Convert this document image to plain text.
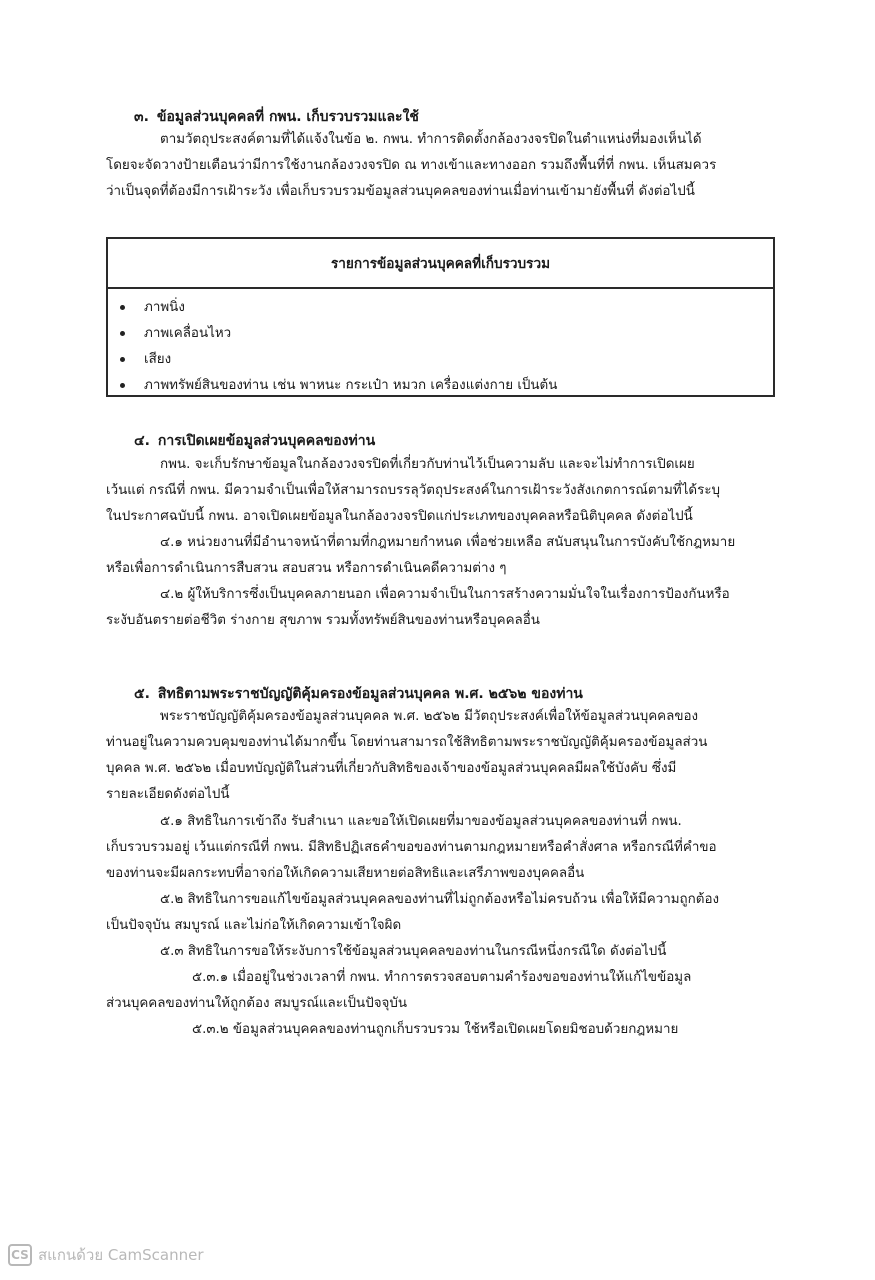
๓. ข้อมูลส่วนบุคคลที่ กพน. เก็บรวบรวมและใช้
ตามวัตถุประสงค์ตามที่ได้แจ้งในข้อ ๒. กพน. ทำการติดตั้งกล้องวงจรปิดในตำแหน่งที่มองเห็นได้
โดยจะจัดวางป้ายเตือนว่ามีการใช้งานกล้องวงจรปิด ณ ทางเข้าและทางออก รวมถึงพื้นที่ที่ กพน. เห็นสมควร
ว่าเป็นจุดที่ต้องมีการเฝ้าระวัง เพื่อเก็บรวบรวมข้อมูลส่วนบุคคลของท่านเมื่อท่านเข้ามายังพื้นที่ ดังต่อไปนี้
รายการข้อมูลส่วนบุคคลที่เก็บรวบรวม
ภาพนิ่ง
ภาพเคลื่อนไหว
เสียง
ภาพทรัพย์สินของท่าน เช่น พาหนะ กระเป๋า หมวก เครื่องแต่งกาย เป็นต้น
๔. การเปิดเผยข้อมูลส่วนบุคคลของท่าน
กพน. จะเก็บรักษาข้อมูลในกล้องวงจรปิดที่เกี่ยวกับท่านไว้เป็นความลับ และจะไม่ทำการเปิดเผย
เว้นแต่ กรณีที่ กพน. มีความจำเป็นเพื่อให้สามารถบรรลุวัตถุประสงค์ในการเฝ้าระวังสังเกตการณ์ตามที่ได้ระบุ
ในประกาศฉบับนี้ กพน. อาจเปิดเผยข้อมูลในกล้องวงจรปิดแก่ประเภทของบุคคลหรือนิติบุคคล ดังต่อไปนี้
๔.๑ หน่วยงานที่มีอำนาจหน้าที่ตามที่กฎหมายกำหนด เพื่อช่วยเหลือ สนับสนุนในการบังคับใช้กฎหมาย
หรือเพื่อการดำเนินการสืบสวน สอบสวน หรือการดำเนินคดีความต่าง ๆ
๔.๒ ผู้ให้บริการซึ่งเป็นบุคคลภายนอก เพื่อความจำเป็นในการสร้างความมั่นใจในเรื่องการป้องกันหรือ
ระงับอันตรายต่อชีวิต ร่างกาย สุขภาพ รวมทั้งทรัพย์สินของท่านหรือบุคคลอื่น
๕. สิทธิตามพระราชบัญญัติคุ้มครองข้อมูลส่วนบุคคล พ.ศ. ๒๕๖๒ ของท่าน
พระราชบัญญัติคุ้มครองข้อมูลส่วนบุคคล พ.ศ. ๒๕๖๒ มีวัตถุประสงค์เพื่อให้ข้อมูลส่วนบุคคลของ
ท่านอยู่ในความควบคุมของท่านได้มากขึ้น โดยท่านสามารถใช้สิทธิตามพระราชบัญญัติคุ้มครองข้อมูลส่วน
บุคคล พ.ศ. ๒๕๖๒ เมื่อบทบัญญัติในส่วนที่เกี่ยวกับสิทธิของเจ้าของข้อมูลส่วนบุคคลมีผลใช้บังคับ ซึ่งมี
รายละเอียดดังต่อไปนี้
๕.๑ สิทธิในการเข้าถึง รับสำเนา และขอให้เปิดเผยที่มาของข้อมูลส่วนบุคคลของท่านที่ กพน.
เก็บรวบรวมอยู่ เว้นแต่กรณีที่ กพน. มีสิทธิปฏิเสธคำขอของท่านตามกฎหมายหรือคำสั่งศาล หรือกรณีที่คำขอ
ของท่านจะมีผลกระทบที่อาจก่อให้เกิดความเสียหายต่อสิทธิและเสรีภาพของบุคคลอื่น
๕.๒ สิทธิในการขอแก้ไขข้อมูลส่วนบุคคลของท่านที่ไม่ถูกต้องหรือไม่ครบถ้วน เพื่อให้มีความถูกต้อง
เป็นปัจจุบัน สมบูรณ์ และไม่ก่อให้เกิดความเข้าใจผิด
๕.๓ สิทธิในการขอให้ระงับการใช้ข้อมูลส่วนบุคคลของท่านในกรณีหนึ่งกรณีใด ดังต่อไปนี้
๕.๓.๑ เมื่ออยู่ในช่วงเวลาที่ กพน. ทำการตรวจสอบตามคำร้องขอของท่านให้แก้ไขข้อมูล
ส่วนบุคคลของท่านให้ถูกต้อง สมบูรณ์และเป็นปัจจุบัน
๕.๓.๒ ข้อมูลส่วนบุคคลของท่านถูกเก็บรวบรวม ใช้หรือเปิดเผยโดยมิชอบด้วยกฎหมาย
CS สแกนด้วย CamScanner
